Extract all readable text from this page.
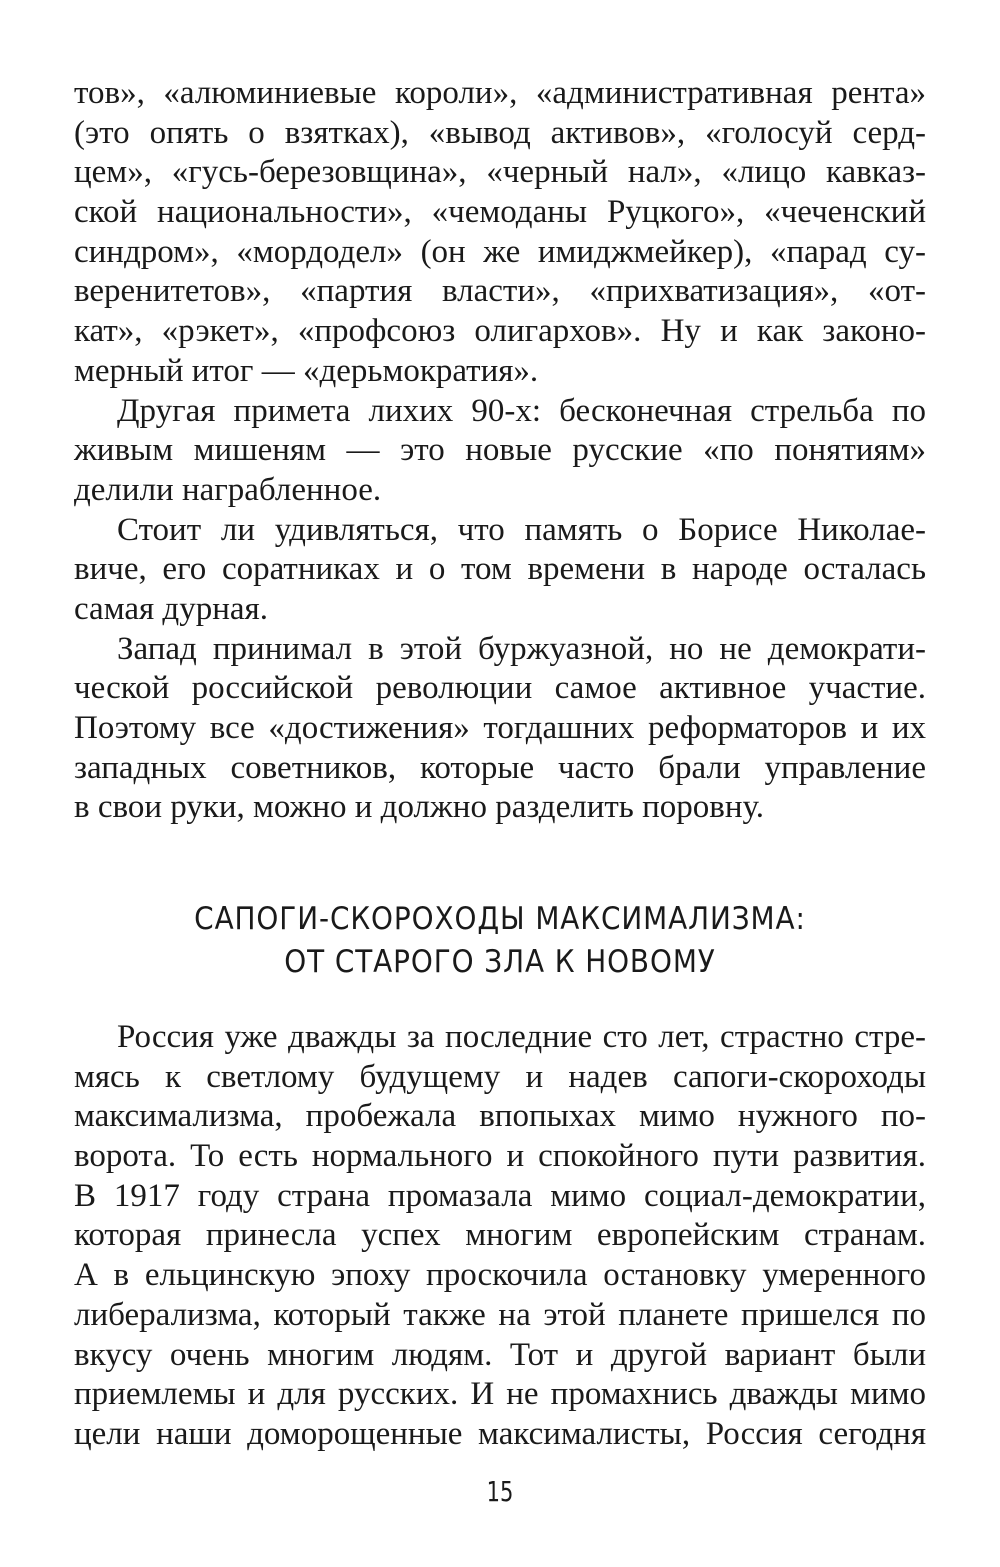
тов», «алюминиевые короли», «административная рента»
(это опять о взятках), «вывод активов», «голосуй серд-
цем», «гусь-березовщина», «черный нал», «лицо кавказ-
ской национальности», «чемоданы Руцкого», «чеченский
синдром», «мордодел» (он же имиджмейкер), «парад су-
веренитетов», «партия власти», «прихватизация», «от-
кат», «рэкет», «профсоюз олигархов». Ну и как законо-
мерный итог — «дерьмократия».
Другая примета лихих 90-х: бесконечная стрельба по
живым мишеням — это новые русские «по понятиям»
делили награбленное.
Стоит ли удивляться, что память о Борисе Николае-
виче, его соратниках и о том времени в народе осталась
самая дурная.
Запад принимал в этой буржуазной, но не демократи-
ческой российской революции самое активное участие.
Поэтому все «достижения» тогдашних реформаторов и их
западных советников, которые часто брали управление
в свои руки, можно и должно разделить поровну.
САПОГИ-СКОРОХОДЫ МАКСИМАЛИЗМА:
ОТ СТАРОГО ЗЛА К НОВОМУ
Россия уже дважды за последние сто лет, страстно стре-
мясь к светлому будущему и надев сапоги-скороходы
максимализма, пробежала впопыхах мимо нужного по-
ворота. То есть нормального и спокойного пути развития.
В 1917 году страна промазала мимо социал-демократии,
которая принесла успех многим европейским странам.
А в ельцинскую эпоху проскочила остановку умеренного
либерализма, который также на этой планете пришелся по
вкусу очень многим людям. Тот и другой вариант были
приемлемы и для русских. И не промахнись дважды мимо
цели наши доморощенные максималисты, Россия сегодня
15
